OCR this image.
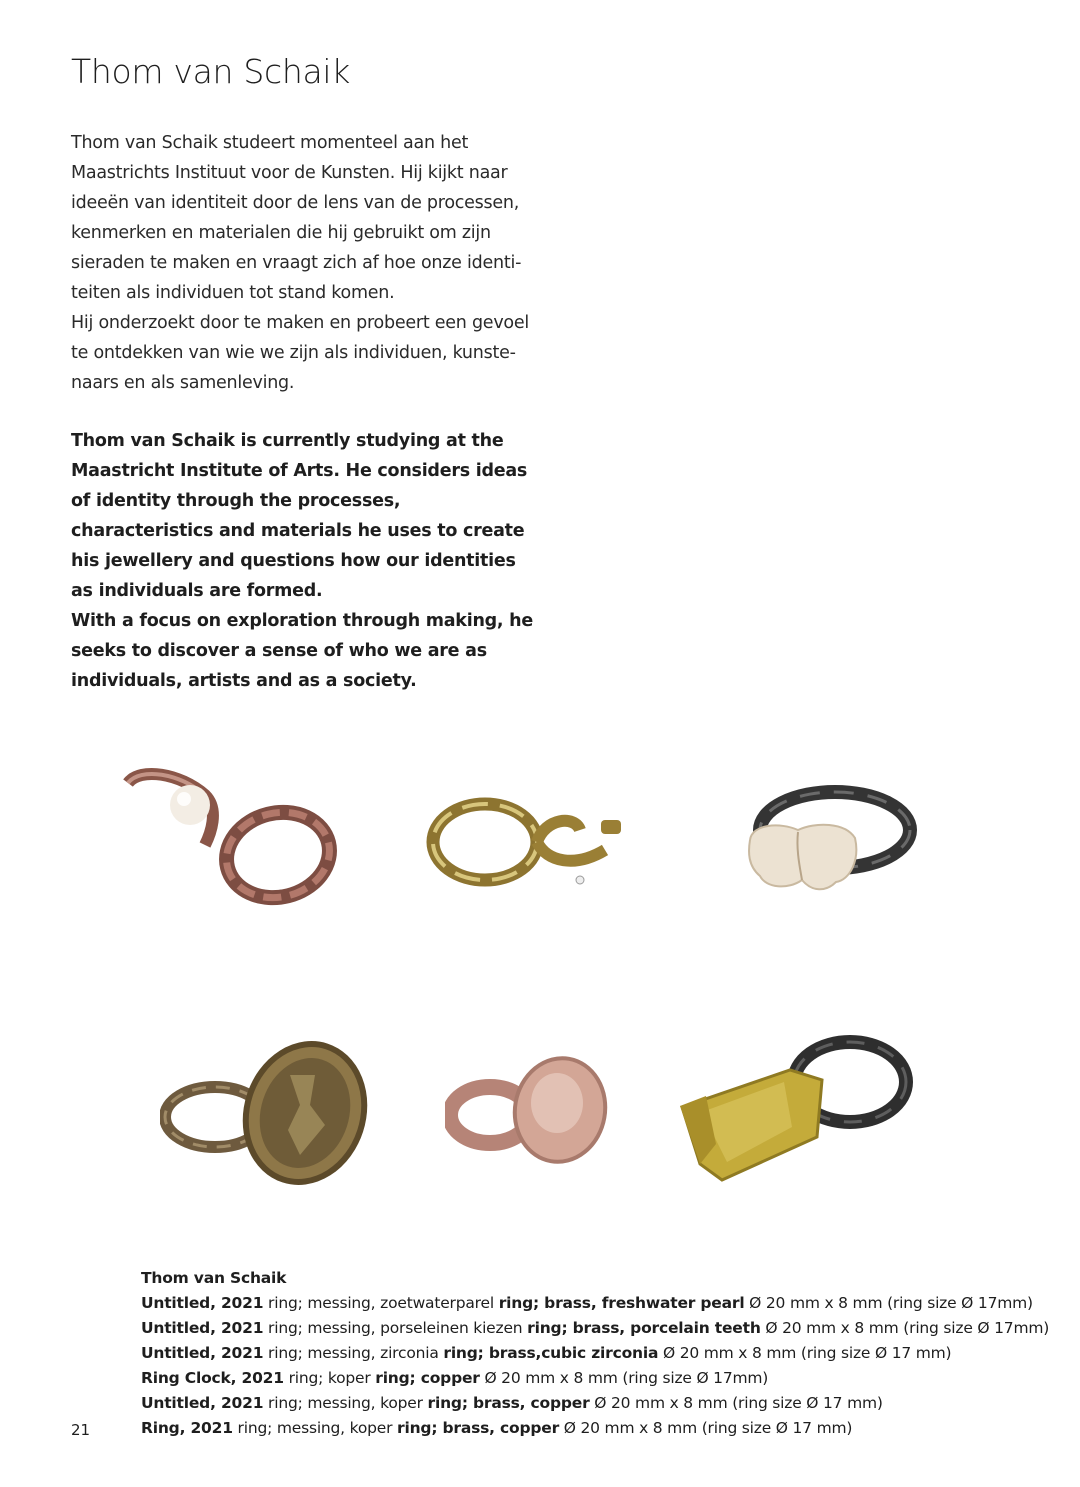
Thom van Schaik

Thom van Schaik studeert momenteel aan het Maastrichts Instituut voor de Kunsten. Hij kijkt naar ideeën van identiteit door de lens van de processen, kenmerken en materialen die hij gebruikt om zijn sieraden te maken en vraagt zich af hoe onze identiteiten als individuen tot stand komen.

Hij onderzoekt door te maken en probeert een gevoel te ontdekken van wie we zijn als individuen, kunstenaars en als samenleving.

Thom van Schaik is currently studying at the Maastricht Institute of Arts. He considers ideas of identity through the processes, characteristics and materials he uses to create his jewellery and questions how our identities as individuals are formed.

With a focus on exploration through making, he seeks to discover a sense of who we are as individuals, artists and as a society.

Thom van Schaik
Untitled, 2021 ring; messing, zoetwaterparel ring; brass, freshwater pearl Ø 20 mm x 8 mm (ring size Ø 17mm)
Untitled, 2021 ring; messing, porseleinen kiezen ring; brass, porcelain teeth Ø 20 mm x 8 mm (ring size Ø 17mm)
Untitled, 2021 ring; messing, zirconia ring; brass,cubic zirconia Ø 20 mm x 8 mm (ring size Ø 17 mm)
Ring Clock, 2021 ring; koper ring; copper Ø 20 mm x 8 mm (ring size Ø 17mm)
Untitled, 2021 ring; messing, koper ring; brass, copper Ø 20 mm x 8 mm (ring size Ø 17 mm)
Ring, 2021 ring; messing, koper ring; brass, copper Ø 20 mm x 8 mm (ring size Ø 17 mm)
21
